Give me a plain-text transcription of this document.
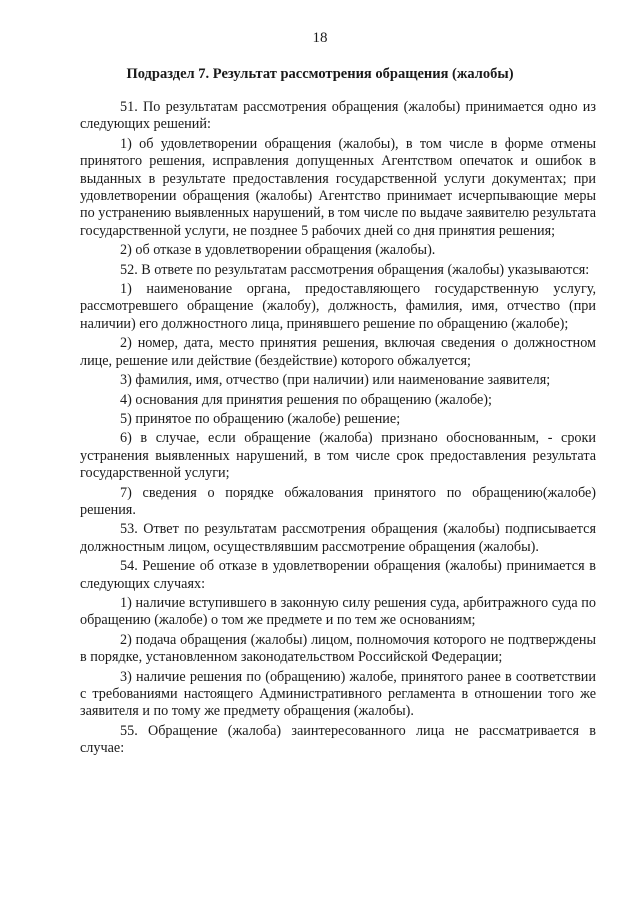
18
Подраздел 7. Результат рассмотрения обращения (жалобы)

51. По результатам рассмотрения обращения (жалобы) принимается одно из следующих решений:

1) об удовлетворении обращения (жалобы), в том числе в форме отмены принятого решения, исправления допущенных Агентством опечаток и ошибок в выданных в результате предоставления государственной услуги документах; при удовлетворении обращения (жалобы) Агентство принимает исчерпывающие меры по устранению выявленных нарушений, в том числе по выдаче заявителю результата государственной услуги, не позднее 5 рабочих дней со дня принятия решения;

2) об отказе в удовлетворении обращения (жалобы).

52. В ответе по результатам рассмотрения обращения (жалобы) указываются:

1) наименование органа, предоставляющего государственную услугу, рассмотревшего обращение (жалобу), должность, фамилия, имя, отчество (при наличии) его должностного лица, принявшего решение по обращению (жалобе);

2) номер, дата, место принятия решения, включая сведения о должностном лице, решение или действие (бездействие) которого обжалуется;

3) фамилия, имя, отчество (при наличии) или наименование заявителя;

4) основания для принятия решения по обращению (жалобе);

5) принятое по обращению (жалобе) решение;

6) в случае, если обращение (жалоба) признано обоснованным, - сроки устранения выявленных нарушений, в том числе срок предоставления результата государственной услуги;

7) сведения о порядке обжалования принятого по обращению(жалобе) решения.

53. Ответ по результатам рассмотрения обращения (жалобы) подписывается должностным лицом, осуществлявшим рассмотрение обращения (жалобы).

54. Решение об отказе в удовлетворении обращения (жалобы) принимается в следующих случаях:

1) наличие вступившего в законную силу решения суда, арбитражного суда по обращению (жалобе) о том же предмете и по тем же основаниям;

2) подача обращения (жалобы) лицом, полномочия которого не подтверждены в порядке, установленном законодательством Российской Федерации;

3) наличие решения по (обращению) жалобе, принятого ранее в соответствии с требованиями настоящего Административного регламента в отношении того же заявителя и по тому же предмету обращения (жалобы).

55. Обращение (жалоба) заинтересованного лица не рассматривается в случае:
